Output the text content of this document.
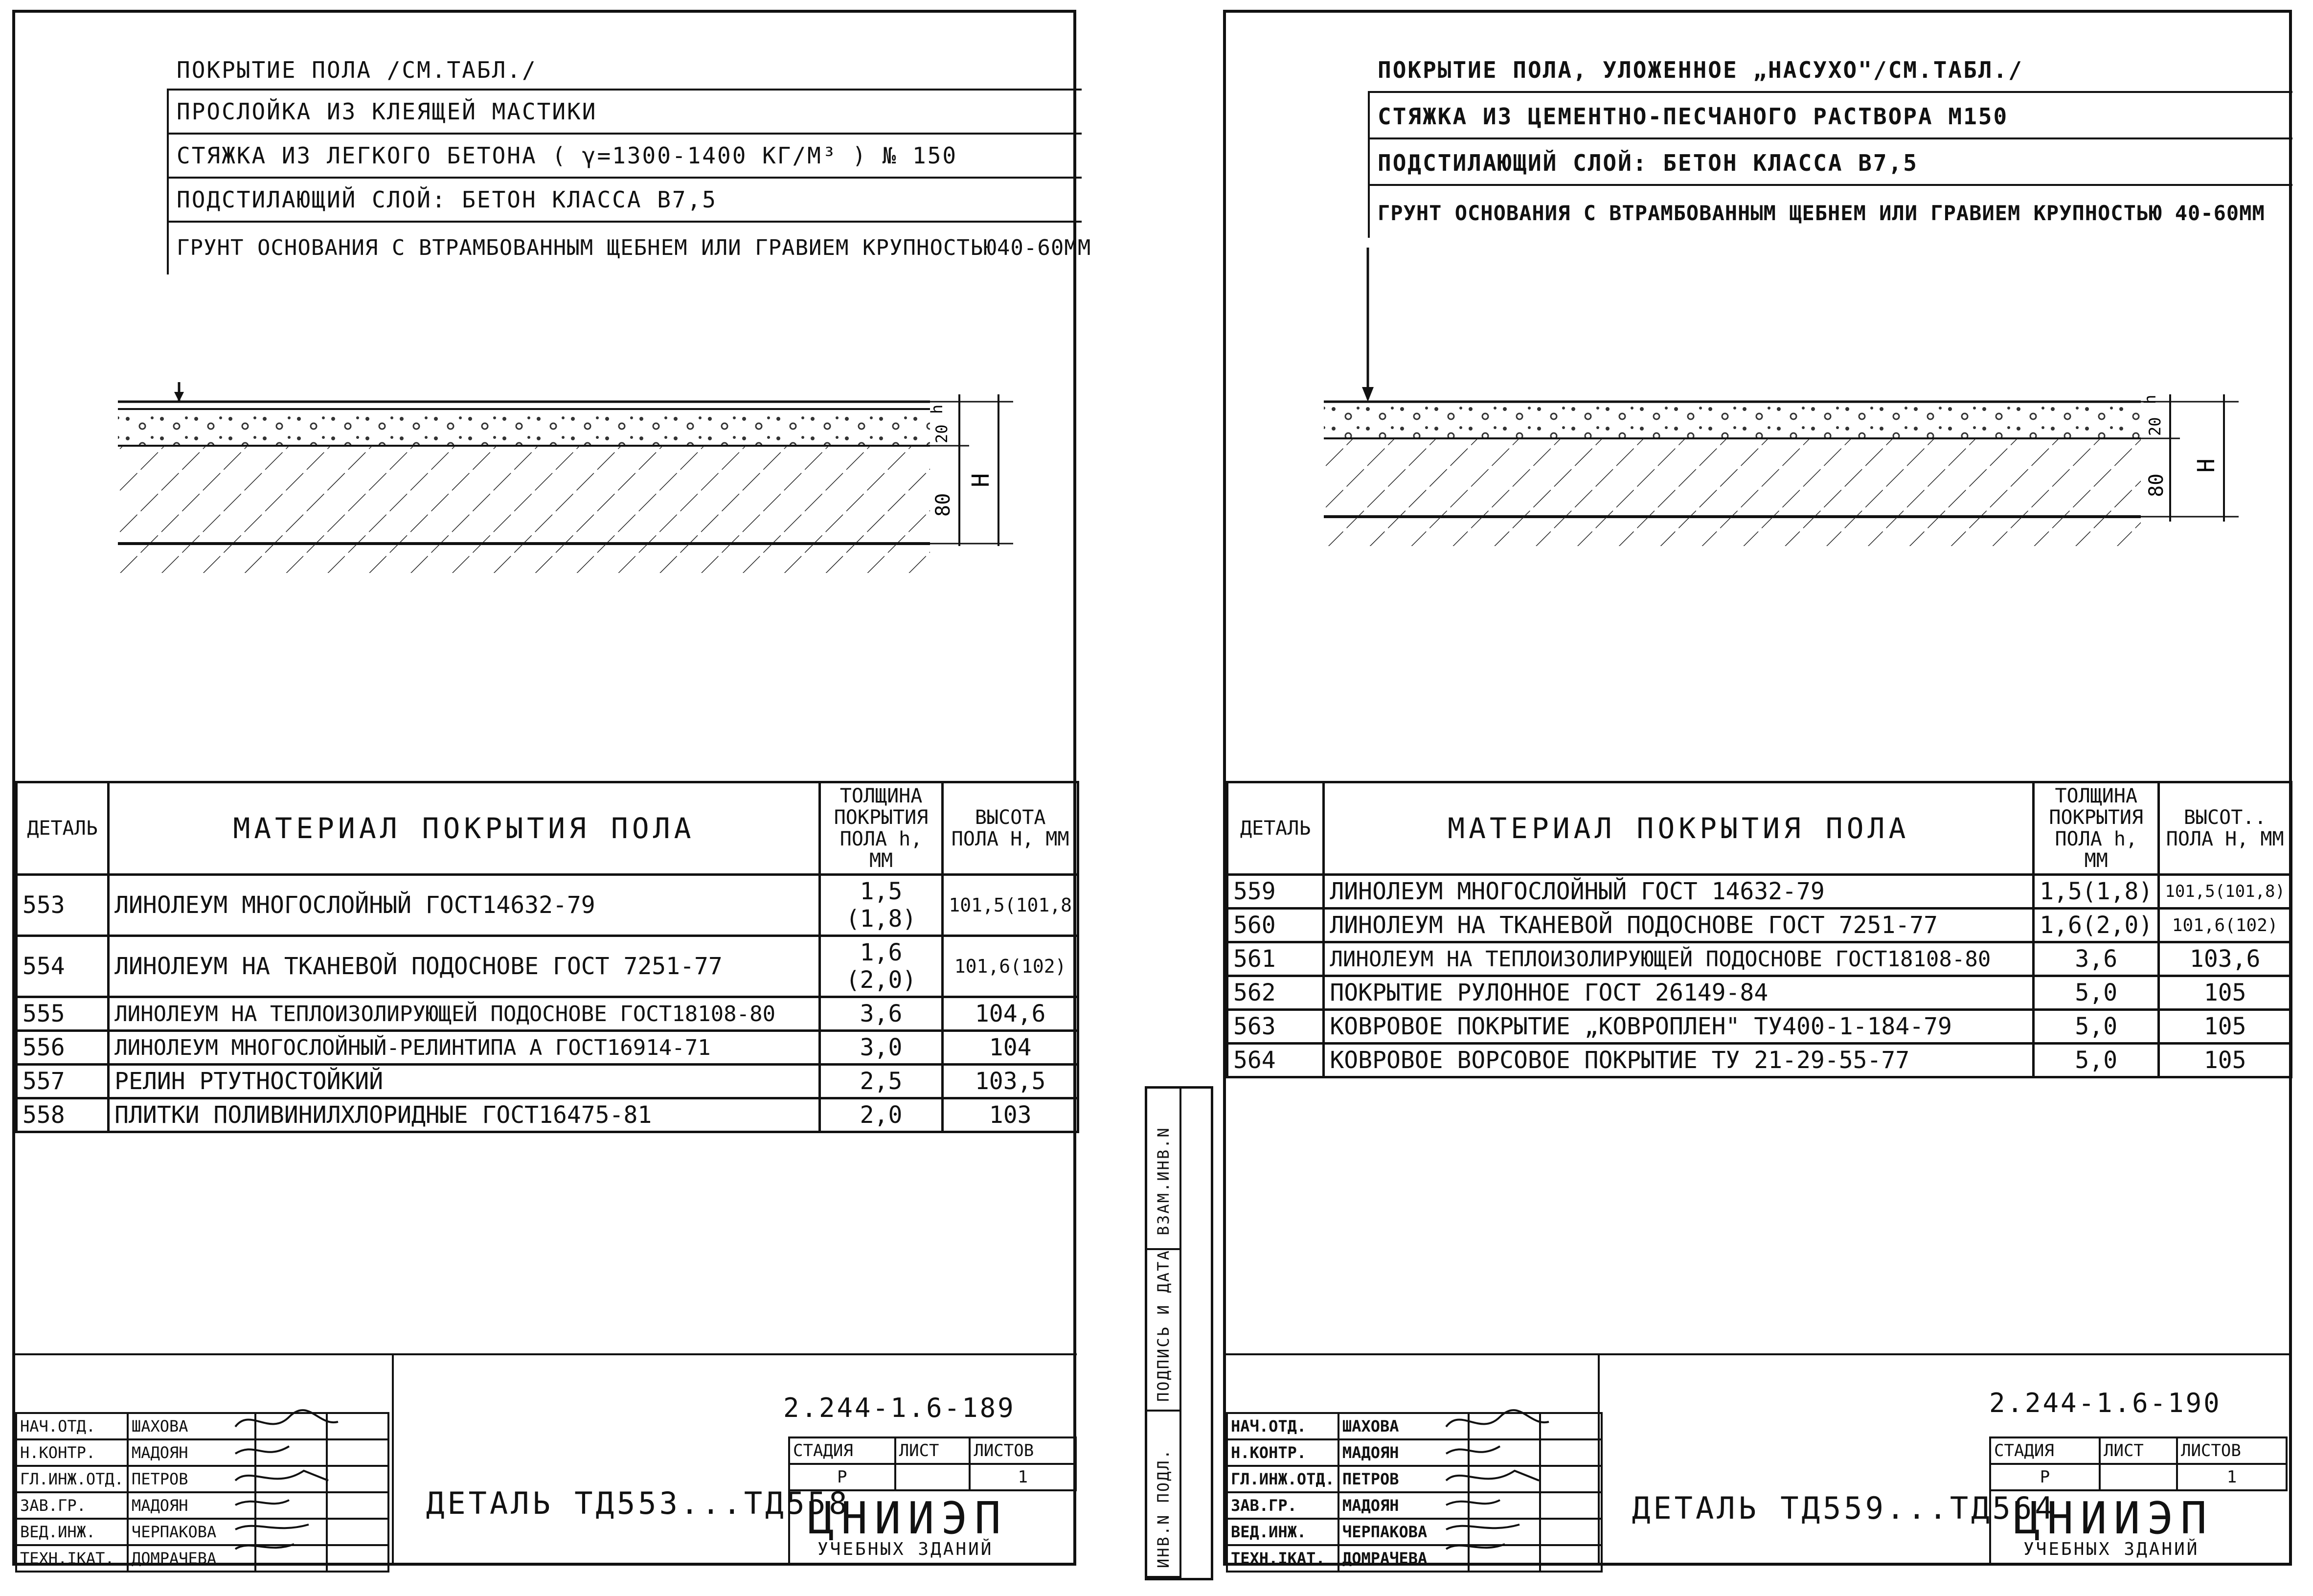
ПОКРЫТИЕ ПОЛА /СМ.ТАБЛ./
ПРОСЛОЙКА ИЗ КЛЕЯЩЕЙ МАСТИКИ
СТЯЖКА ИЗ ЛЕГКОГО БЕТОНА ( γ=1300-1400 КГ/М³ ) № 150
ПОДСТИЛАЮЩИЙ СЛОЙ: БЕТОН КЛАССА B7,5
ГРУНТ ОСНОВАНИЯ С ВТРАМБОВАННЫМ ЩЕБНЕМ ИЛИ ГРАВИЕМ КРУПНОСТЬЮ40-60ММ
h
20
80
H
ДЕТАЛЬ	МАТЕРИАЛ ПОКРЫТИЯ ПОЛА	ТОЛЩИНА ПОКРЫТИЯ ПОЛА h, ММ	ВЫСОТА ПОЛА H, ММ
553	ЛИНОЛЕУМ МНОГОСЛОЙНЫЙ ГОСТ14632-79	1,5 (1,8)	101,5(101,8
554	ЛИНОЛЕУМ НА ТКАНЕВОЙ ПОДОСНОВЕ ГОСТ 7251-77	1,6 (2,0)	101,6(102)
555	ЛИНОЛЕУМ НА ТЕПЛОИЗОЛИРУЮЩЕЙ ПОДОСНОВЕ ГОСТ18108-80	3,6	104,6
556	ЛИНОЛЕУМ МНОГОСЛОЙНЫЙ-РЕЛИНТИПА А ГОСТ16914-71	3,0	104
557	РЕЛИН РТУТНОСТОЙКИЙ	2,5	103,5
558	ПЛИТКИ ПОЛИВИНИЛХЛОРИДНЫЕ ГОСТ16475-81	2,0	103
НАЧ.ОТД.	ШАХОВА		
Н.КОНТР.	МАДОЯН		
ГЛ.ИНЖ.ОТД.	ПЕТРОВ		
ЗАВ.ГР.	МАДОЯН		
ВЕД.ИНЖ.	ЧЕРПАКОВА		
ТЕХН.ІКАТ.	ДОМРАЧЕВА		
2.244-1.6-189
ДЕТАЛЬ ТД553...ТД558
СТАДИЯ	ЛИСТ	ЛИСТОВ
Р		1
ЦНИИЭП
УЧЕБНЫХ ЗДАНИЙ
ВЗАМ.ИНВ.N
ПОДПИСЬ И ДАТА
ИНВ.N ПОДЛ.
ПОКРЫТИЕ ПОЛА, УЛОЖЕННОЕ „НАСУХО"/СМ.ТАБЛ./
СТЯЖКА ИЗ ЦЕМЕНТНО-ПЕСЧАНОГО РАСТВОРА М150
ПОДСТИЛАЮЩИЙ СЛОЙ: БЕТОН КЛАССА B7,5
ГРУНТ ОСНОВАНИЯ С ВТРАМБОВАННЫМ ЩЕБНЕМ ИЛИ ГРАВИЕМ КРУПНОСТЬЮ 40-60ММ
h
20
80
H
ДЕТАЛЬ	МАТЕРИАЛ ПОКРЫТИЯ ПОЛА	ТОЛЩИНА ПОКРЫТИЯ ПОЛА h, ММ	ВЫСОТ.. ПОЛА H, ММ
559	ЛИНОЛЕУМ МНОГОСЛОЙНЫЙ ГОСТ 14632-79	1,5(1,8)	101,5(101,8)
560	ЛИНОЛЕУМ НА ТКАНЕВОЙ ПОДОСНОВЕ ГОСТ 7251-77	1,6(2,0)	101,6(102)
561	ЛИНОЛЕУМ НА ТЕПЛОИЗОЛИРУЮЩЕЙ ПОДОСНОВЕ ГОСТ18108-80	3,6	103,6
562	ПОКРЫТИЕ РУЛОННОЕ ГОСТ 26149-84	5,0	105
563	КОВРОВОЕ ПОКРЫТИЕ „КОВРОПЛЕН" ТУ400-1-184-79	5,0	105
564	КОВРОВОЕ ВОРСОВОЕ ПОКРЫТИЕ ТУ 21-29-55-77	5,0	105
НАЧ.ОТД.	ШАХОВА		
Н.КОНТР.	МАДОЯН		
ГЛ.ИНЖ.ОТД.	ПЕТРОВ		
ЗАВ.ГР.	МАДОЯН		
ВЕД.ИНЖ.	ЧЕРПАКОВА		
ТЕХН.ІКАТ.	ДОМРАЧЕВА		
2.244-1.6-190
ДЕТАЛЬ ТД559...ТД564
СТАДИЯ	ЛИСТ	ЛИСТОВ
Р		1
ЦНИИЭП
УЧЕБНЫХ ЗДАНИЙ
